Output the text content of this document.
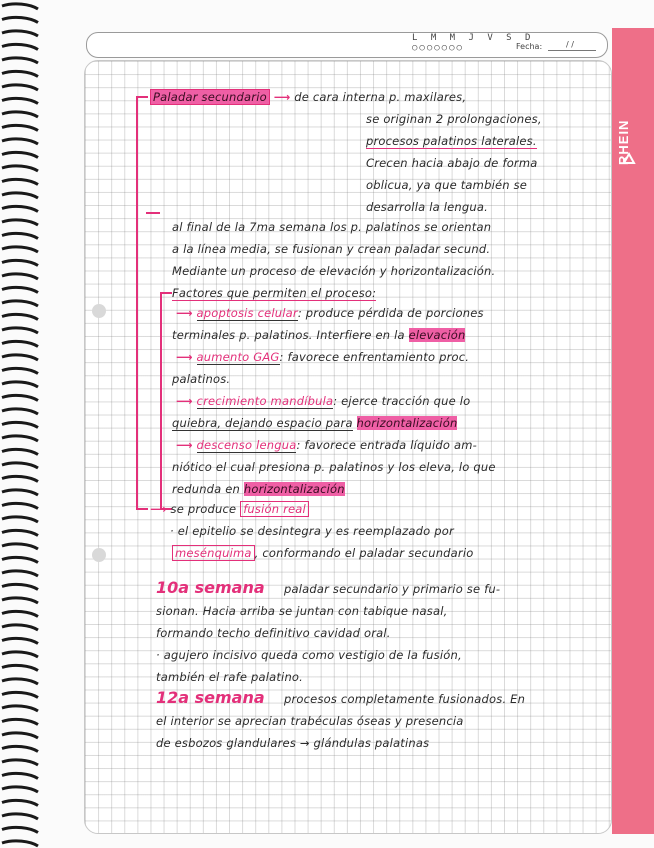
L M M J V S D
○○○○○○○	Fecha:	/ /
RHEIN
Paladar secundario ⟶ de cara interna p. maxilares,
se originan 2 prolongaciones,
procesos palatinos laterales.
Crecen hacia abajo de forma
oblicua, ya que también se
desarrolla la lengua.
al final de la 7ma semana los p. palatinos se orientan
a la línea media, se fusionan y crean paladar secund.
Mediante un proceso de elevación y horizontalización.
Factores que permiten el proceso:
⟶ apoptosis celular: produce pérdida de porciones
terminales p. palatinos. Interfiere en la elevación
⟶ aumento GAG: favorece enfrentamiento proc.
palatinos.
⟶ crecimiento mandíbula: ejerce tracción que lo
quiebra, dejando espacio para horizontalización
⟶ descenso lengua: favorece entrada líquido am-
niótico el cual presiona p. palatinos y los eleva, lo que
redunda en horizontalización
⟶ se produce fusión real
· el epitelio se desintegra y es reemplazado por
mesénquima , conformando el paladar secundario
10a semana paladar secundario y primario se fu-
sionan. Hacia arriba se juntan con tabique nasal,
formando techo definitivo cavidad oral.
· agujero incisivo queda como vestigio de la fusión,
también el rafe palatino.
12a semana procesos completamente fusionados. En
el interior se aprecian trabéculas óseas y presencia
de esbozos glandulares → glándulas palatinas
